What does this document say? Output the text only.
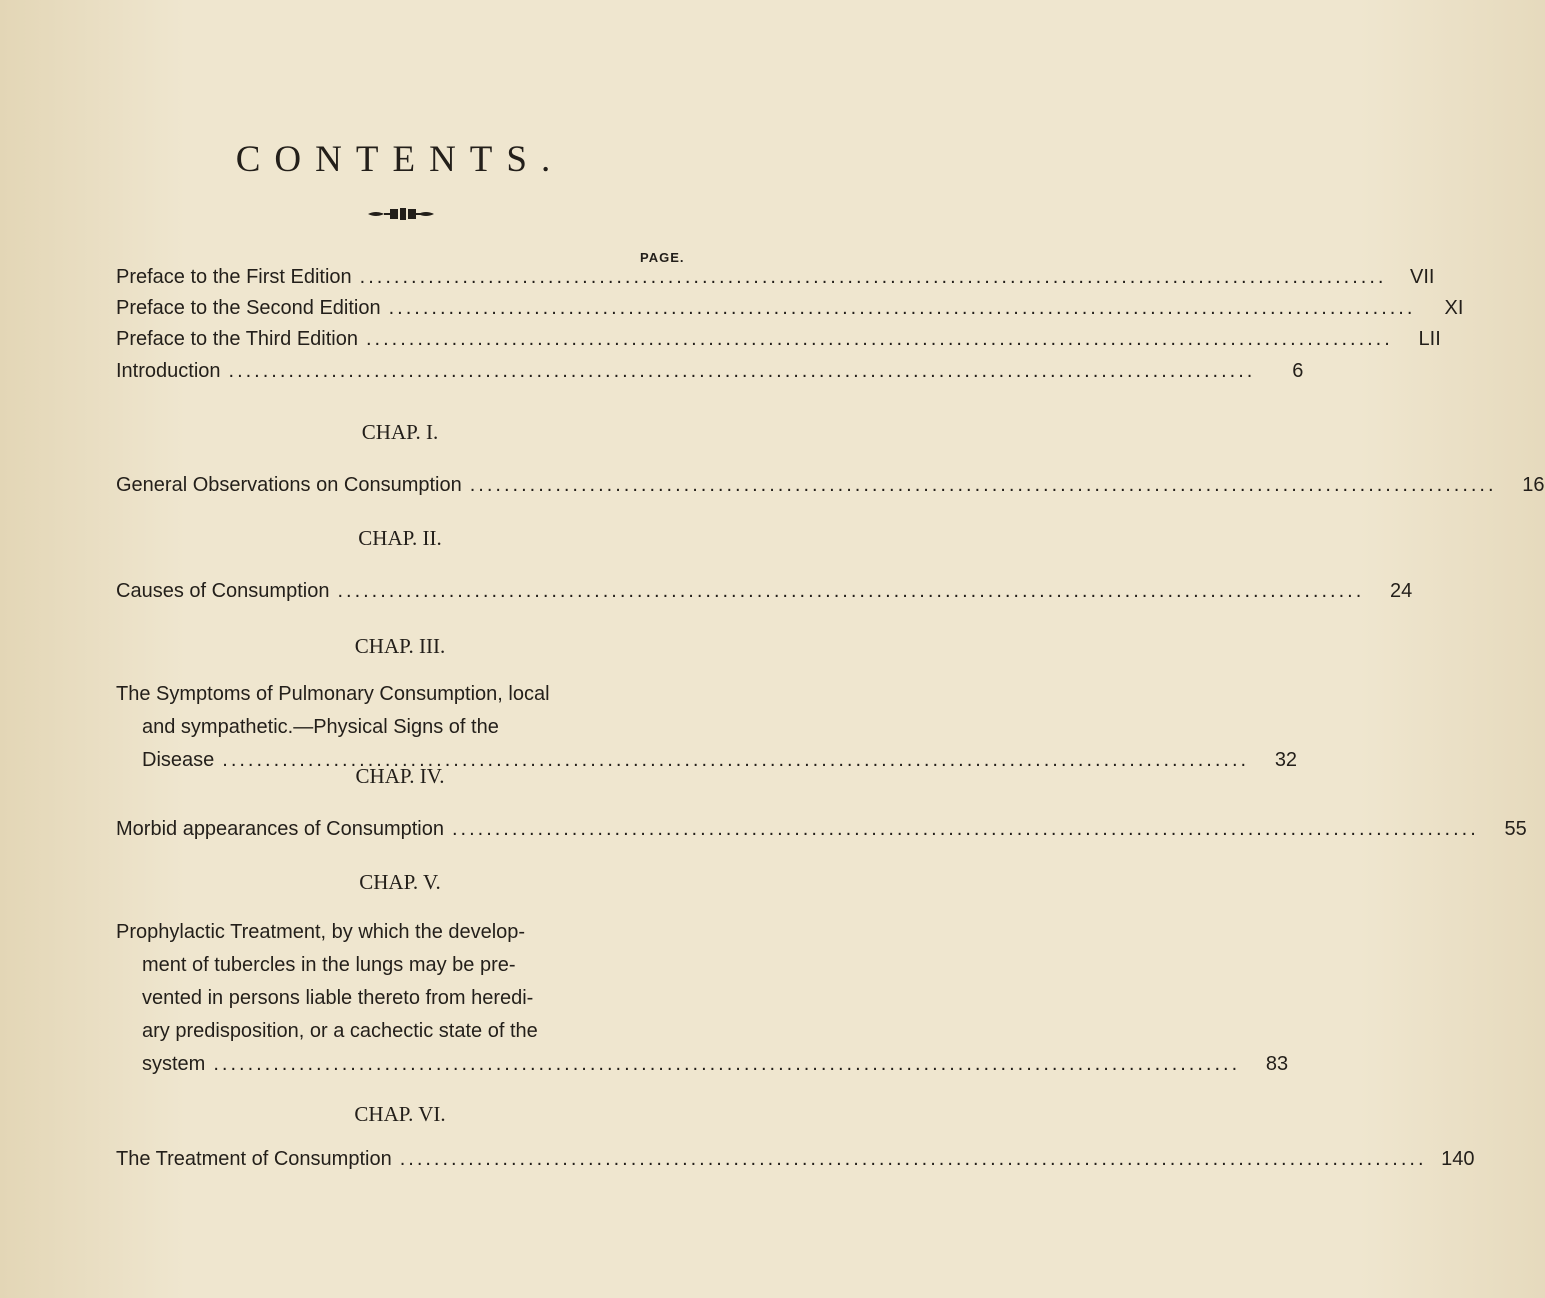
CONTENTS.
PAGE.
Preface to the First Edition ........................................................................................................................	VII
Preface to the Second Edition ........................................................................................................................	XI
Preface to the Third Edition ........................................................................................................................	LII
Introduction ........................................................................................................................	6
CHAP. I.
General Observations on Consumption ........................................................................................................................	16
CHAP. II.
Causes of Consumption ........................................................................................................................	24
CHAP. III.
The Symptoms of Pulmonary Consumption, local
and sympathetic.—Physical Signs of the
Disease ........................................................................................................................	32
CHAP. IV.
Morbid appearances of Consumption ........................................................................................................................	55
CHAP. V.
Prophylactic Treatment, by which the develop-
ment of tubercles in the lungs may be pre-
vented in persons liable thereto from heredi-
ary predisposition, or a cachectic state of the
system ........................................................................................................................	83
CHAP. VI.
The Treatment of Consumption ........................................................................................................................ 140
